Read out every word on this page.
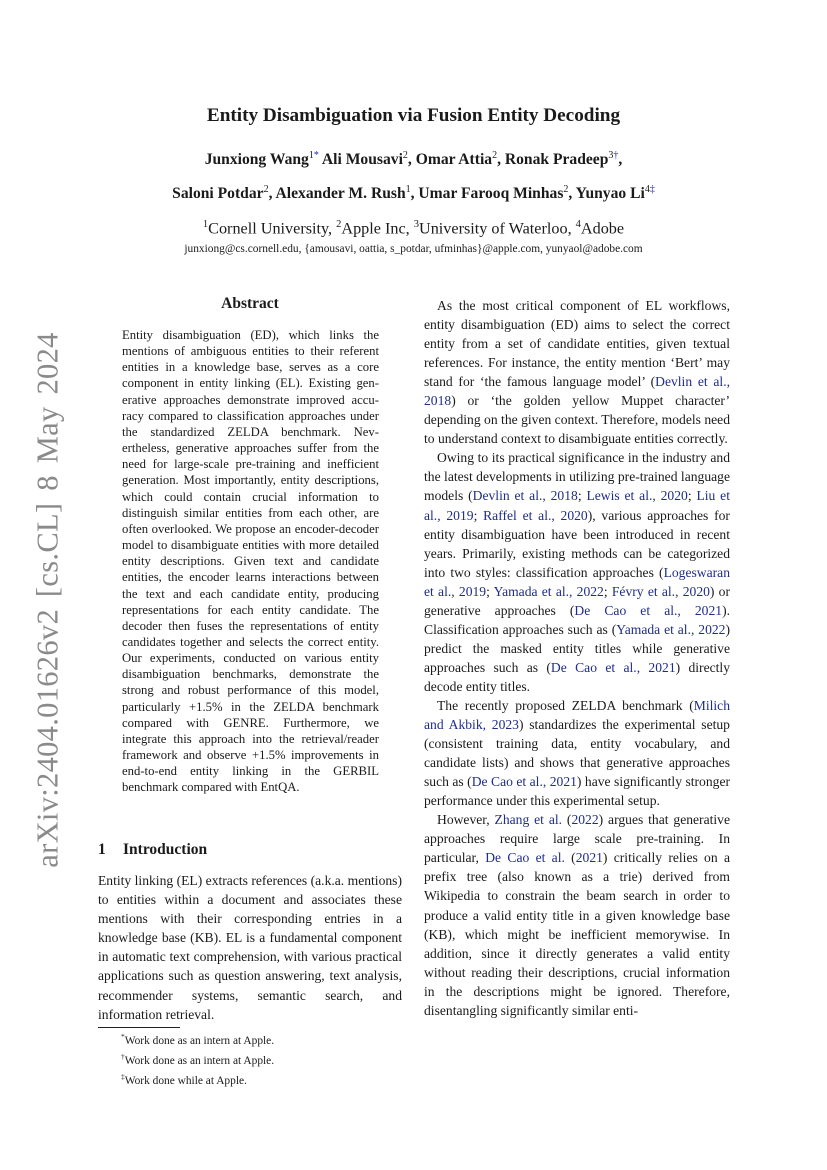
arXiv:2404.01626v2 [cs.CL] 8 May 2024
Entity Disambiguation via Fusion Entity Decoding
Junxiong Wang$^{1*}$ Ali Mousavi$^2$, Omar Attia$^2$, Ronak Pradeep$^{3\dagger}$,
Saloni Potdar$^2$, Alexander M. Rush$^1$, Umar Farooq Minhas$^2$, Yunyao $Li^{4\ddagger}$
$^1$Cornell University, $^2$Apple Inc, $^3$University of Waterloo, $^4$Adobe
junxiong@cs.cornell.edu, {amousavi, oattia, s_potdar, ufminhas}@apple.com, yunyaol@adobe.com
Abstract

Entity disambiguation (ED), which links the mentions of ambiguous entities to their referent entities in a knowledge base, serves as a core component in entity linking (EL). Existing generative approaches demonstrate improved accuracy compared to classification approaches under the standardized ZELDA benchmark. Nevertheless, generative approaches suffer from the need for large-scale pre-training and inefficient generation. Most importantly, entity descriptions, which could contain crucial information to distinguish similar entities from each other, are often overlooked. We propose an encoder-decoder model to disambiguate entities with more detailed entity descriptions. Given text and candidate entities, the encoder learns interactions between the text and each candidate entity, producing representations for each entity candidate. The decoder then fuses the representations of entity candidates together and selects the correct entity. Our experiments, conducted on various entity disambiguation benchmarks, demonstrate the strong and robust performance of this model, particularly +1.5% in the ZELDA benchmark compared with GENRE. Furthermore, we integrate this approach into the retrieval/reader framework and observe +1.5% improvements in end-to-end entity linking in the GERBIL benchmark compared with EntQA.

1 Introduction

Entity linking (EL) extracts references (a.k.a. mentions) to entities within a document and associates these mentions with their corresponding entries in a knowledge base (KB). EL is a fundamental component in automatic text comprehension, with various practical applications such as question answering, text analysis, recommender systems, semantic search, and information retrieval.

*Work done as an intern at Apple.
†Work done as an intern at Apple.
‡Work done while at Apple.

As the most critical component of EL workflows, entity disambiguation (ED) aims to select the correct entity from a set of candidate entities, given textual references. For instance, the entity mention ‘Bert’ may stand for ‘the famous language model’ (Devlin et al., 2018) or ‘the golden yellow Muppet character’ depending on the given context. Therefore, models need to understand context to disambiguate entities correctly.

Owing to its practical significance in the industry and the latest developments in utilizing pre-trained language models (Devlin et al., 2018; Lewis et al., 2020; Liu et al., 2019; Raffel et al., 2020), various approaches for entity disambiguation have been introduced in recent years. Primarily, existing methods can be categorized into two styles: classification approaches (Logeswaran et al., 2019; Yamada et al., 2022; Févry et al., 2020) or generative approaches (De Cao et al., 2021). Classification approaches such as (Yamada et al., 2022) predict the masked entity titles while generative approaches such as (De Cao et al., 2021) directly decode entity titles.

The recently proposed ZELDA benchmark (Milich and Akbik, 2023) standardizes the experimental setup (consistent training data, entity vocabulary, and candidate lists) and shows that generative approaches such as (De Cao et al., 2021) have significantly stronger performance under this experimental setup.

However, Zhang et al. (2022) argues that generative approaches require large scale pre-training. In particular, De Cao et al. (2021) critically relies on a prefix tree (also known as a trie) derived from Wikipedia to constrain the beam search in order to produce a valid entity title in a given knowledge base (KB), which might be inefficient memorywise. In addition, since it directly generates a valid entity without reading their descriptions, crucial information in the descriptions might be ignored. Therefore, disentangling significantly similar enti-
